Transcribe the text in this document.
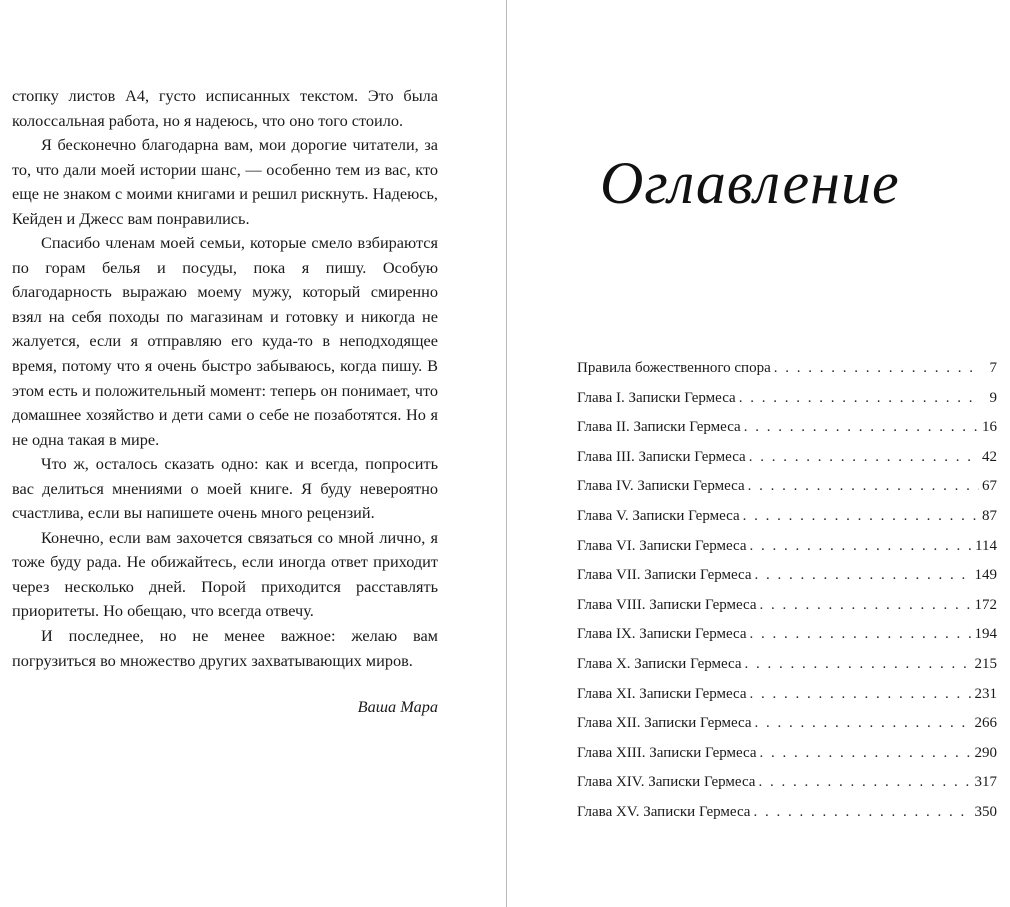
стопку листов А4, густо исписанных текстом. Это была колоссальная работа, но я надеюсь, что оно того стоило.

Я бесконечно благодарна вам, мои дорогие читатели, за то, что дали моей истории шанс, — особенно тем из вас, кто еще не знаком с моими книгами и решил рискнуть. Надеюсь, Кейден и Джесс вам понравились.

Спасибо членам моей семьи, которые смело взбираются по горам белья и посуды, пока я пишу. Особую благодарность выражаю моему мужу, который смиренно взял на себя походы по магазинам и готовку и никогда не жалуется, если я отправляю его куда-то в неподходящее время, потому что я очень быстро забываюсь, когда пишу. В этом есть и положительный момент: теперь он понимает, что домашнее хозяйство и дети сами о себе не позаботятся. Но я не одна такая в мире.

Что ж, осталось сказать одно: как и всегда, попросить вас делиться мнениями о моей книге. Я буду невероятно счастлива, если вы напишете очень много рецензий.

Конечно, если вам захочется связаться со мной лично, я тоже буду рада. Не обижайтесь, если иногда ответ приходит через несколько дней. Порой приходится расставлять приоритеты. Но обещаю, что всегда отвечу.

И последнее, но не менее важное: желаю вам погрузиться во множество других захватывающих миров.

Ваша Мара

Оглавление
Правила божественного спора . . .	7
Глава I. Записки Гермеса . . .	9
Глава II. Записки Гермеса . . .	16
Глава III. Записки Гермеса . . .	42
Глава IV. Записки Гермеса . . .	67
Глава V. Записки Гермеса . . .	87
Глава VI. Записки Гермеса . . .	114
Глава VII. Записки Гермеса . . .	149
Глава VIII. Записки Гермеса . . .	172
Глава IX. Записки Гермеса . . .	194
Глава X. Записки Гермеса . . .	215
Глава XI. Записки Гермеса . . .	231
Глава XII. Записки Гермеса . . .	266
Глава XIII. Записки Гермеса . . .	290
Глава XIV. Записки Гермеса . . .	317
Глава XV. Записки Гермеса . . .	350
